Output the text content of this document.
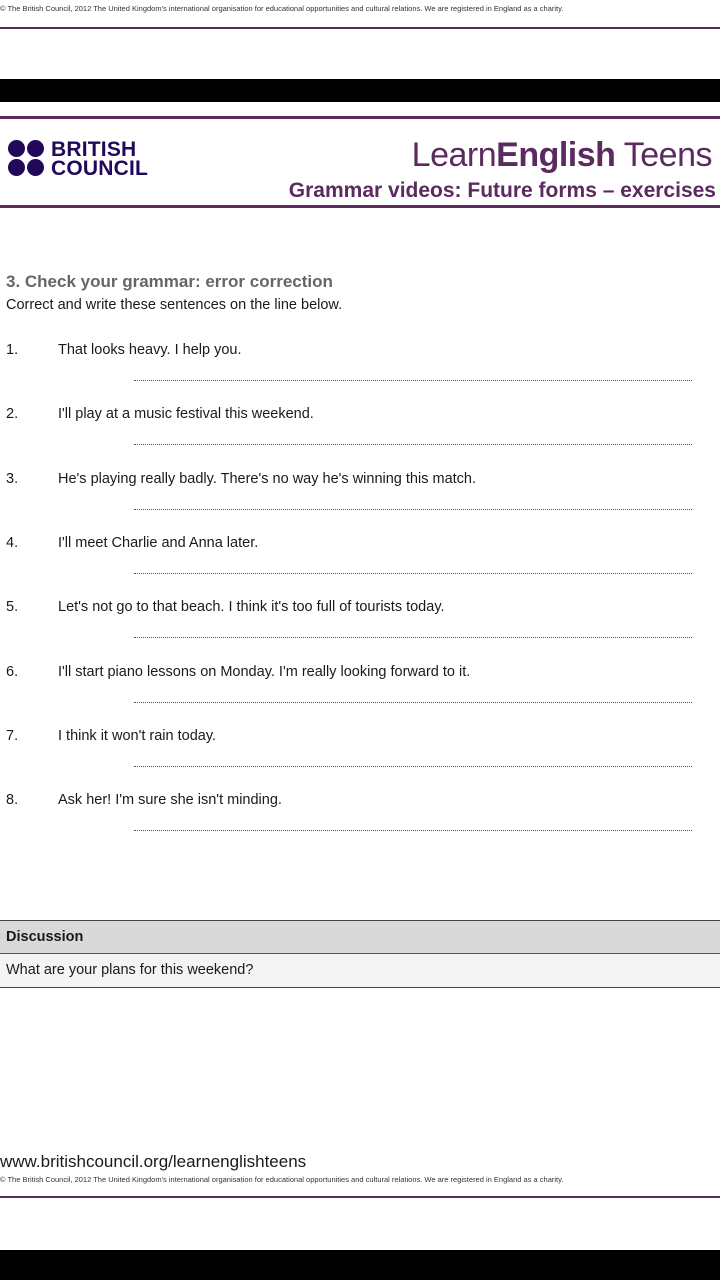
© The British Council, 2012 The United Kingdom's international organisation for educational opportunities and cultural relations. We are registered in England as a charity.
BRITISH
COUNCIL	LearnEnglish Teens
Grammar videos: Future forms – exercises
3. Check your grammar: error correction
Correct and write these sentences on the line below.
1.	That looks heavy. I help you.
2.	I'll play at a music festival this weekend.
3.	He's playing really badly. There's no way he's winning this match.
4.	I'll meet Charlie and Anna later.
5.	Let's not go to that beach. I think it's too full of tourists today.
6.	I'll start piano lessons on Monday. I'm really looking forward to it.
7.	I think it won't rain today.
8.	Ask her! I'm sure she isn't minding.
Discussion
What are your plans for this weekend?
www.britishcouncil.org/learnenglishteens
© The British Council, 2012 The United Kingdom's international organisation for educational opportunities and cultural relations. We are registered in England as a charity.
